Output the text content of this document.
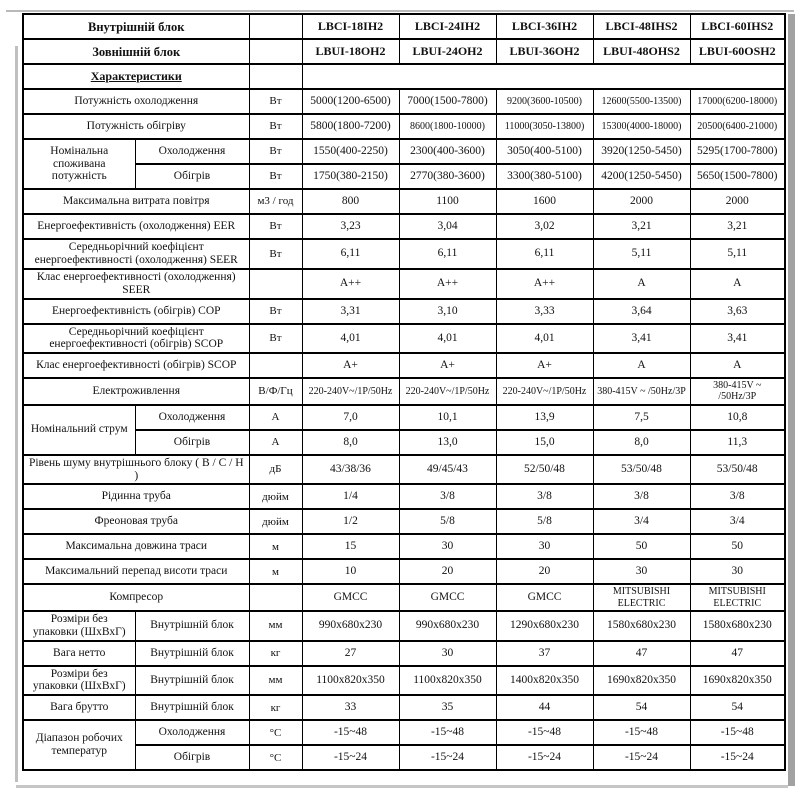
Внутрішній блок			LBCI-18IH2	LBCI-24IH2	LBCI-36IH2	LBCI-48IHS2	LBCI-60IHS2
Зовнішній блок			LBUI-18OH2	LBUI-24OH2	LBUI-36OH2	LBUI-48OHS2	LBUI-60OSH2
Характеристики							
Потужність охолодження		Вт	5000(1200-6500)	7000(1500-7800)	9200(3600-10500)	12600(5500-13500)	17000(6200-18000)
Потужність обігріву		Вт	5800(1800-7200)	8600(1800-10000)	11000(3050-13800)	15300(4000-18000)	20500(6400-21000)
Номінальна споживана потужність	Охолодження	Вт	1550(400-2250)	2300(400-3600)	3050(400-5100)	3920(1250-5450)	5295(1700-7800)
	Обігрів	Вт	1750(380-2150)	2770(380-3600)	3300(380-5100)	4200(1250-5450)	5650(1500-7800)
Максимальна витрата повітря		м3 / год	800	1100	1600	2000	2000
Енергоефективність (охолодження) EER		Вт	3,23	3,04	3,02	3,21	3,21
Середньорічний коефіцієнт енергоефективності (охолодження) SEER		Вт	6,11	6,11	6,11	5,11	5,11
Клас енергоефективності (охолодження) SEER			A++	A++	A++	A	A
Енергоефективність (обігрів) COP		Вт	3,31	3,10	3,33	3,64	3,63
Середньорічний коефіцієнт енергоефективності (обігрів) SCOP		Вт	4,01	4,01	4,01	3,41	3,41
Клас енергоефективності (обігрів) SCOP			A+	A+	A+	A	A
Електроживлення		В/Ф/Гц	220-240V~/1P/50Hz	220-240V~/1P/50Hz	220-240V~/1P/50Hz	380-415V ~ /50Hz/3P	380-415V ~ /50Hz/3P
Номінальний струм	Охолодження	А	7,0	10,1	13,9	7,5	10,8
	Обігрів	А	8,0	13,0	15,0	8,0	11,3
Рівень шуму внутрішнього блоку ( В / С / Н )		дБ	43/38/36	49/45/43	52/50/48	53/50/48	53/50/48
Рідинна труба		дюйм	1/4	3/8	3/8	3/8	3/8
Фреоновая труба		дюйм	1/2	5/8	5/8	3/4	3/4
Максимальна довжина траси		м	15	30	30	50	50
Максимальний перепад висоти траси		м	10	20	20	30	30
Компресор			GMCC	GMCC	GMCC	MITSUBISHI ELECTRIC	MITSUBISHI ELECTRIC
Розміри без упаковки (ШхВхГ)	Внутрішній блок	мм	990x680x230	990x680x230	1290x680x230	1580x680x230	1580x680x230
Вага нетто	Внутрішній блок	кг	27	30	37	47	47
Розміри без упаковки (ШхВхГ)	Внутрішній блок	мм	1100x820x350	1100x820x350	1400x820x350	1690x820x350	1690x820x350
Вага брутто	Внутрішній блок	кг	33	35	44	54	54
Діапазон робочих температур	Охолодження	°C	-15~48	-15~48	-15~48	-15~48	-15~48
	Обігрів	°C	-15~24	-15~24	-15~24	-15~24	-15~24
